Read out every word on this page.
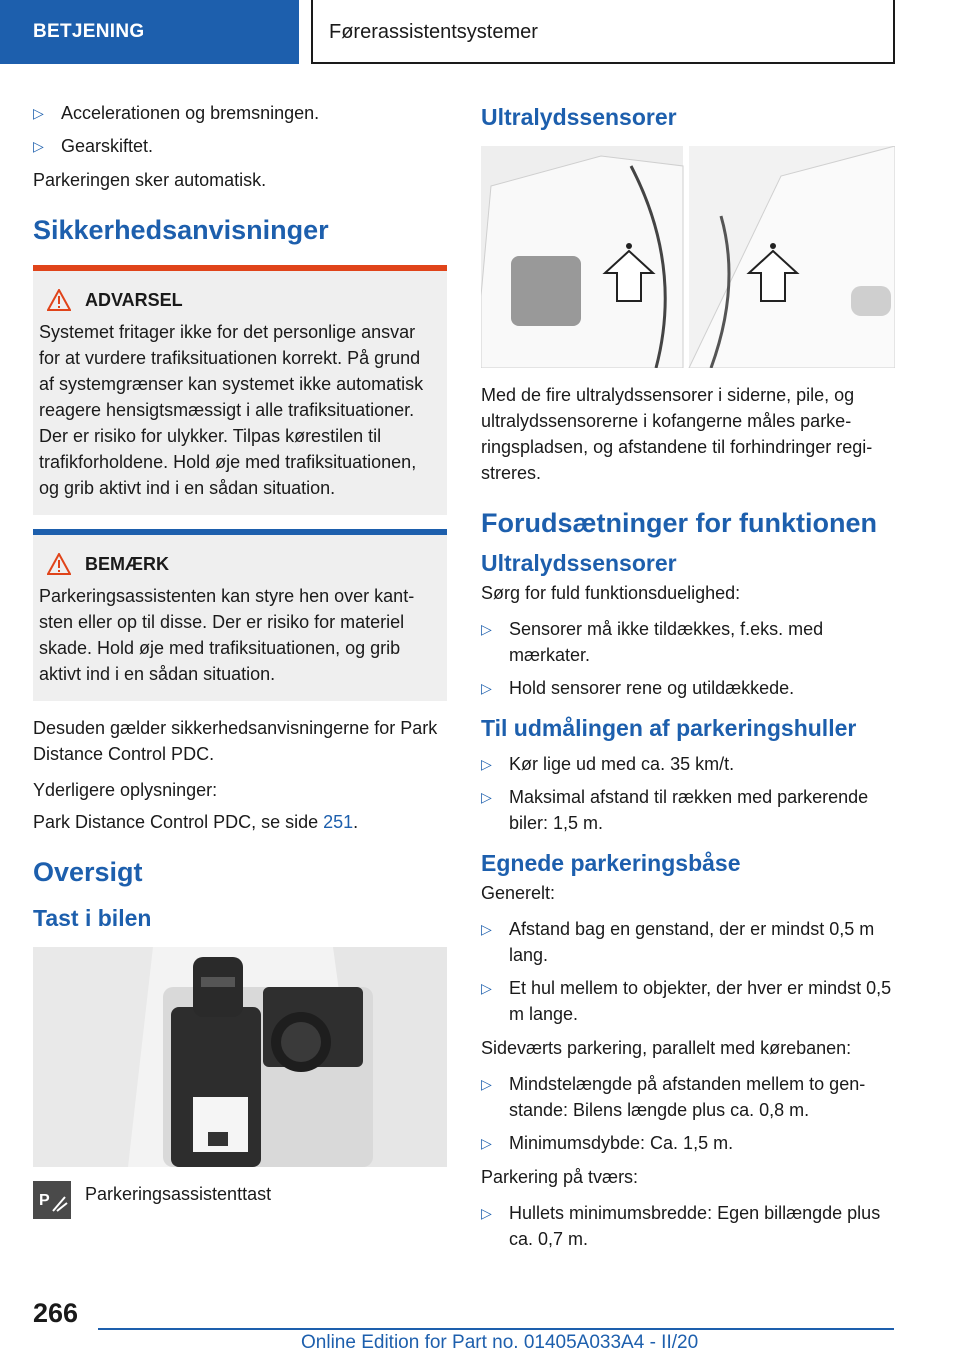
BETJENING	Førerassistentsystemer
▷ Accelerationen og bremsningen.
▷ Gearskiftet.

Parkeringen sker automatisk.

Sikkerhedsanvisninger
ADVARSEL

Systemet fritager ikke for det personlige ansvar for at vurdere trafiksituationen korrekt. På grund af systemgrænser kan systemet ikke automatisk reagere hensigtsmæssigt i alle trafiksituationer. Der er risiko for ulykker. Tilpas kørestilen til trafikforholdene. Hold øje med trafiksituationen, og grib aktivt ind i en sådan situation.

BEMÆRK

Parkeringsassistenten kan styre hen over kantsten eller op til disse. Der er risiko for materiel skade. Hold øje med trafiksituationen, og grib aktivt ind i en sådan situation.

Desuden gælder sikkerhedsanvisningerne for Park Distance Control PDC.

Yderligere oplysninger:

Park Distance Control PDC, se side 251.

Oversigt
Tast i bilen
P Parkeringsassistenttast
Ultralydssensorer

Med de fire ultralydssensorer i siderne, pile, og ultralydssensorerne i kofangerne måles parkeringspladsen, og afstandene til forhindringer registreres.

Forudsætninger for funktionen
Ultralydssensorer

Sørg for fuld funktionsduelighed:

▷ Sensorer må ikke tildækkes, f.eks. med mærkater.
▷ Hold sensorer rene og utildækkede.
Til udmålingen af parkeringshuller
▷ Kør lige ud med ca. 35 km/t.
▷ Maksimal afstand til rækken med parkerende biler: 1,5 m.
Egnede parkeringsbåse

Generelt:

▷ Afstand bag en genstand, der er mindst 0,5 m lang.
▷ Et hul mellem to objekter, der hver er mindst 0,5 m lange.

Sideværts parkering, parallelt med kørebanen:

▷ Mindstelængde på afstanden mellem to genstande: Bilens længde plus ca. 0,8 m.
▷ Minimumsdybde: Ca. 1,5 m.

Parkering på tværs:

▷ Hullets minimumsbredde: Egen billængde plus ca. 0,7 m.
266
Online Edition for Part no. 01405A033A4 - II/20
